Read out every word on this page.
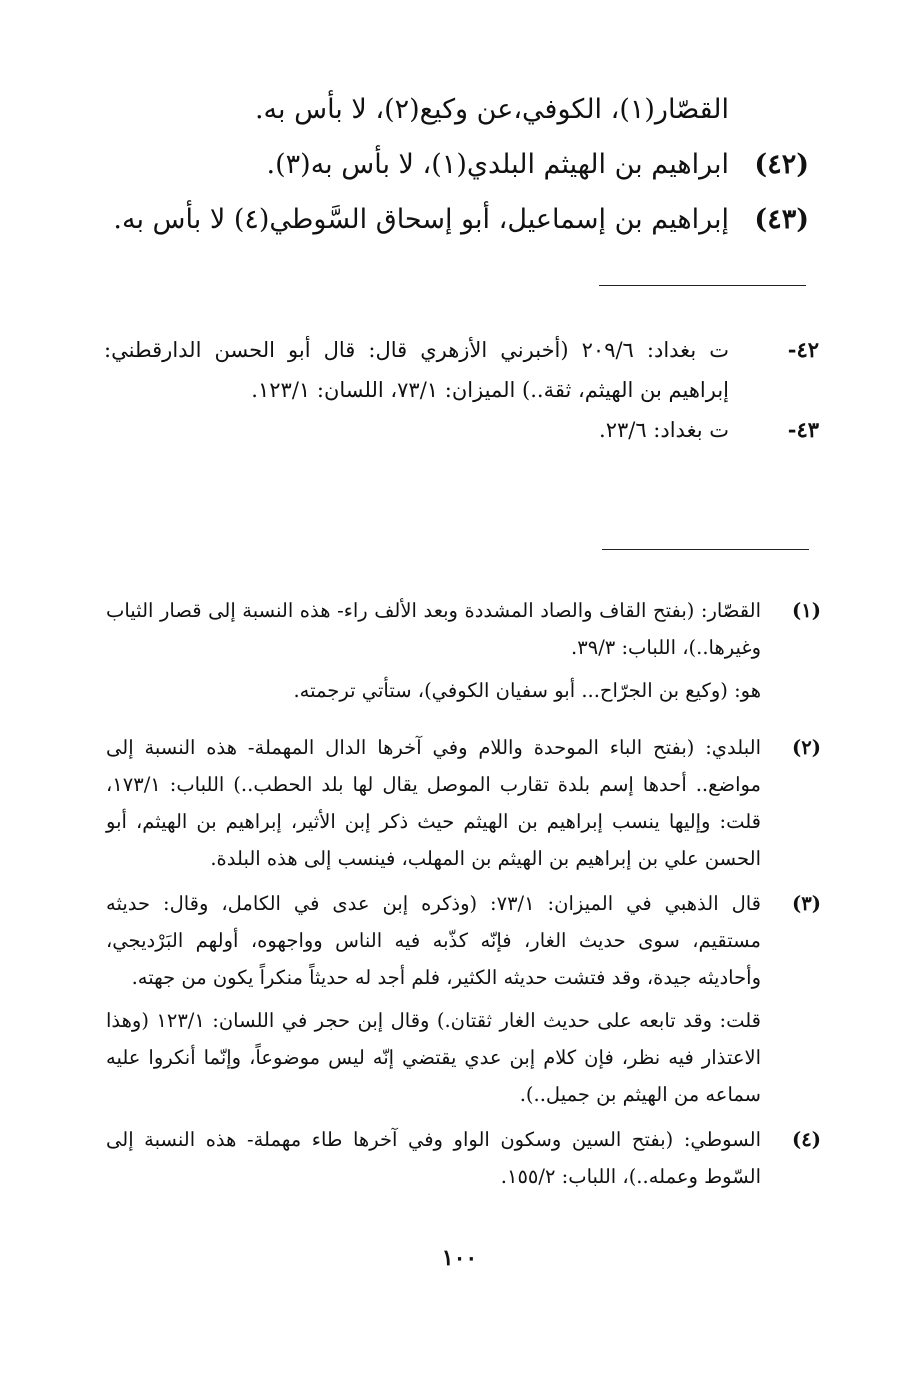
القصّار(١)، الكوفي،عن وكيع(٢)، لا بأس به.
(٤٢)
ابراهيم بن الهيثم البلدي(١)، لا بأس به(٣).
(٤٣)
إبراهيم بن إسماعيل، أبو إسحاق السَّوطي(٤) لا بأس به.
٤٢-
ت بغداد: ٢٠٩/٦ (أخبرني الأزهري قال: قال أبو الحسن الدارقطني: إبراهيم بن الهيثم، ثقة..) الميزان: ٧٣/١، اللسان: ١٢٣/١.
٤٣-
ت بغداد: ٢٣/٦.
(١)

القصّار: (بفتح القاف والصاد المشددة وبعد الألف راء- هذه النسبة إلى قصار الثياب وغيرها..)، اللباب: ٣٩/٣.

هو: (وكيع بن الجرّاح... أبو سفيان الكوفي)، ستأتي ترجمته.

(٢)

البلدي: (بفتح الباء الموحدة واللام وفي آخرها الدال المهملة- هذه النسبة إلى مواضع.. أحدها إسم بلدة تقارب الموصل يقال لها بلد الحطب..) اللباب: ١٧٣/١، قلت: وإليها ينسب إبراهيم بن الهيثم حيث ذكر إبن الأثير، إبراهيم بن الهيثم، أبو الحسن علي بن إبراهيم بن الهيثم بن المهلب، فينسب إلى هذه البلدة.

(٣)

قال الذهبي في الميزان: ٧٣/١: (وذكره إبن عدى في الكامل، وقال: حديثه مستقيم، سوى حديث الغار، فإنّه كذّبه فيه الناس وواجهوه، أولهم البَرْديجي، وأحاديثه جيدة، وقد فتشت حديثه الكثير، فلم أجد له حديثاً منكراً يكون من جهته.

قلت: وقد تابعه على حديث الغار ثقتان.) وقال إبن حجر في اللسان: ١٢٣/١ (وهذا الاعتذار فيه نظر، فإن كلام إبن عدي يقتضي إنّه ليس موضوعاً، وإنّما أنكروا عليه سماعه من الهيثم بن جميل..).

(٤)

السوطي: (بفتح السين وسكون الواو وفي آخرها طاء مهملة- هذه النسبة إلى السّوط وعمله..)، اللباب: ١٥٥/٢.

١٠٠
